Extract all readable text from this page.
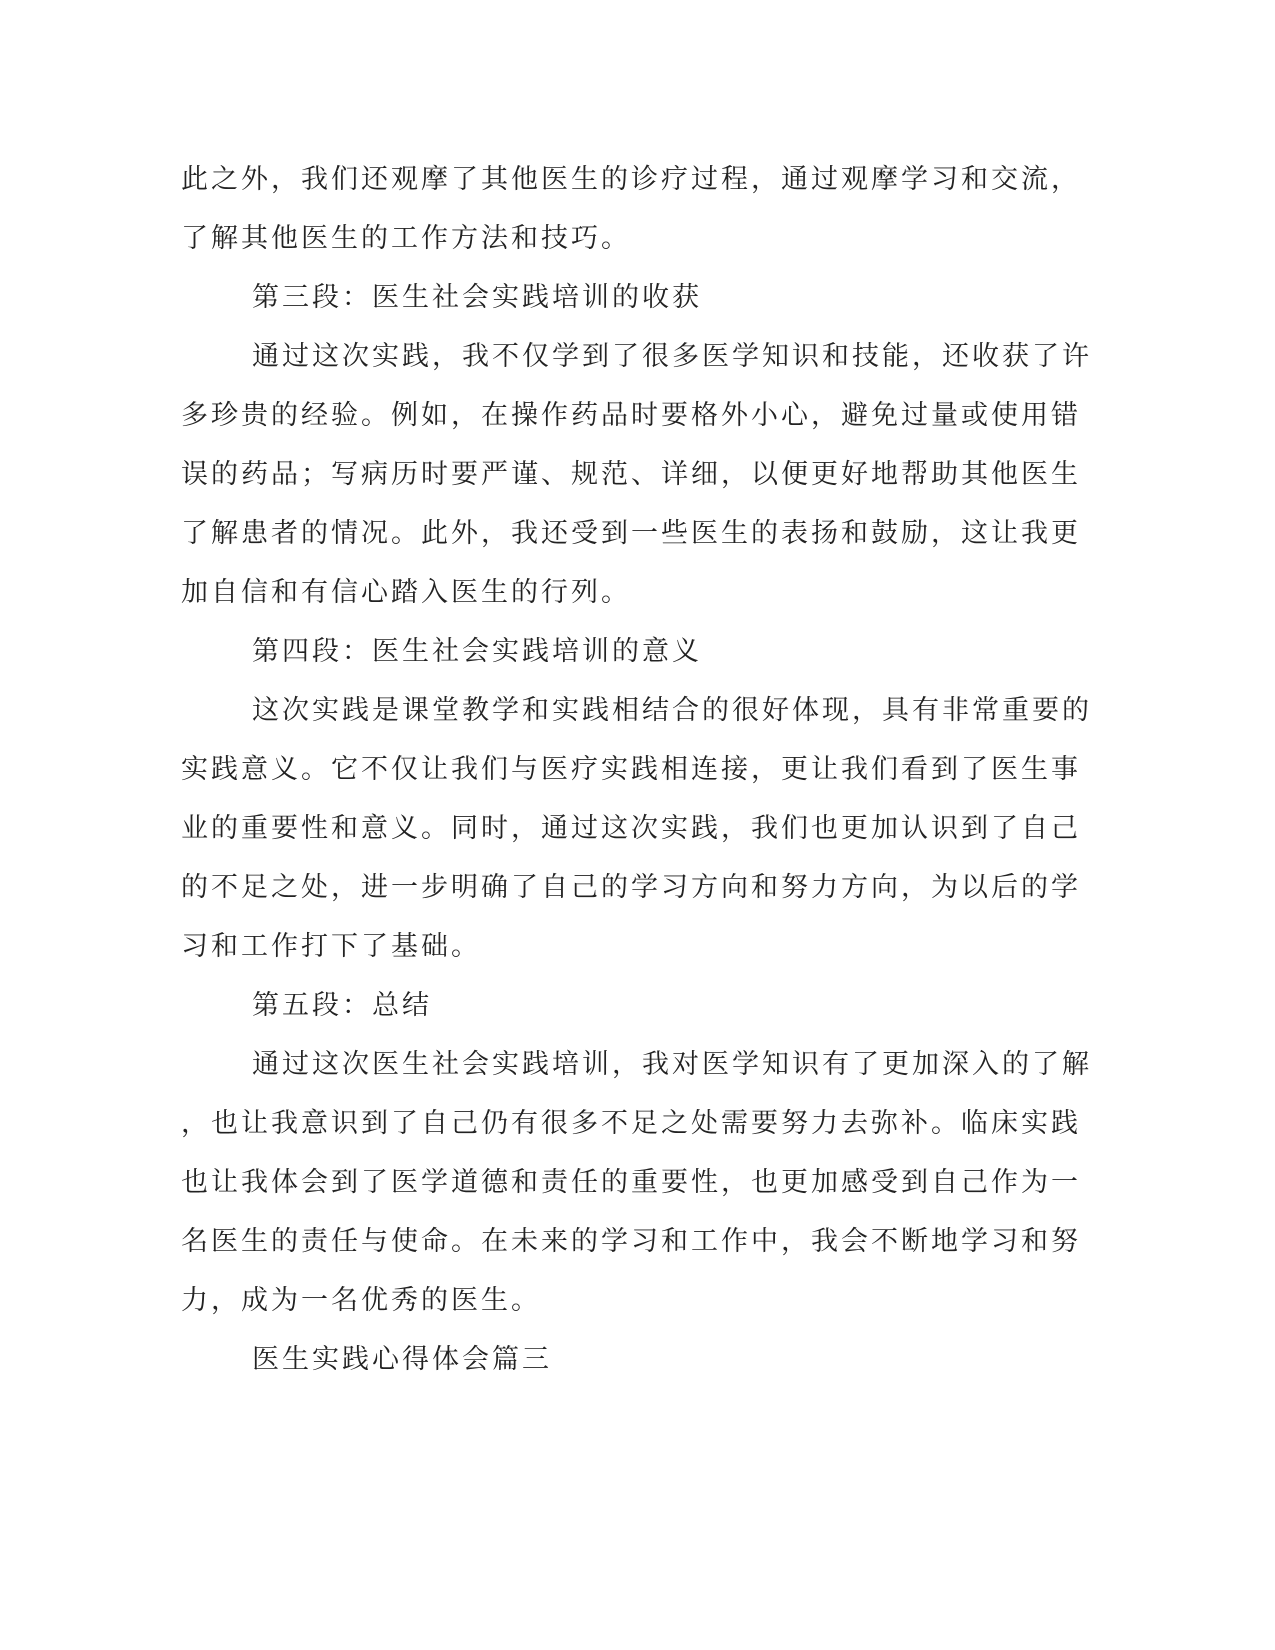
此之外，我们还观摩了其他医生的诊疗过程，通过观摩学习和交流，
了解其他医生的工作方法和技巧。
第三段：医生社会实践培训的收获
通过这次实践，我不仅学到了很多医学知识和技能，还收获了许
多珍贵的经验。例如，在操作药品时要格外小心，避免过量或使用错
误的药品；写病历时要严谨、规范、详细，以便更好地帮助其他医生
了解患者的情况。此外，我还受到一些医生的表扬和鼓励，这让我更
加自信和有信心踏入医生的行列。
第四段：医生社会实践培训的意义
这次实践是课堂教学和实践相结合的很好体现，具有非常重要的
实践意义。它不仅让我们与医疗实践相连接，更让我们看到了医生事
业的重要性和意义。同时，通过这次实践，我们也更加认识到了自己
的不足之处，进一步明确了自己的学习方向和努力方向，为以后的学
习和工作打下了基础。
第五段：总结
通过这次医生社会实践培训，我对医学知识有了更加深入的了解
，也让我意识到了自己仍有很多不足之处需要努力去弥补。临床实践
也让我体会到了医学道德和责任的重要性，也更加感受到自己作为一
名医生的责任与使命。在未来的学习和工作中，我会不断地学习和努
力，成为一名优秀的医生。
医生实践心得体会篇三
